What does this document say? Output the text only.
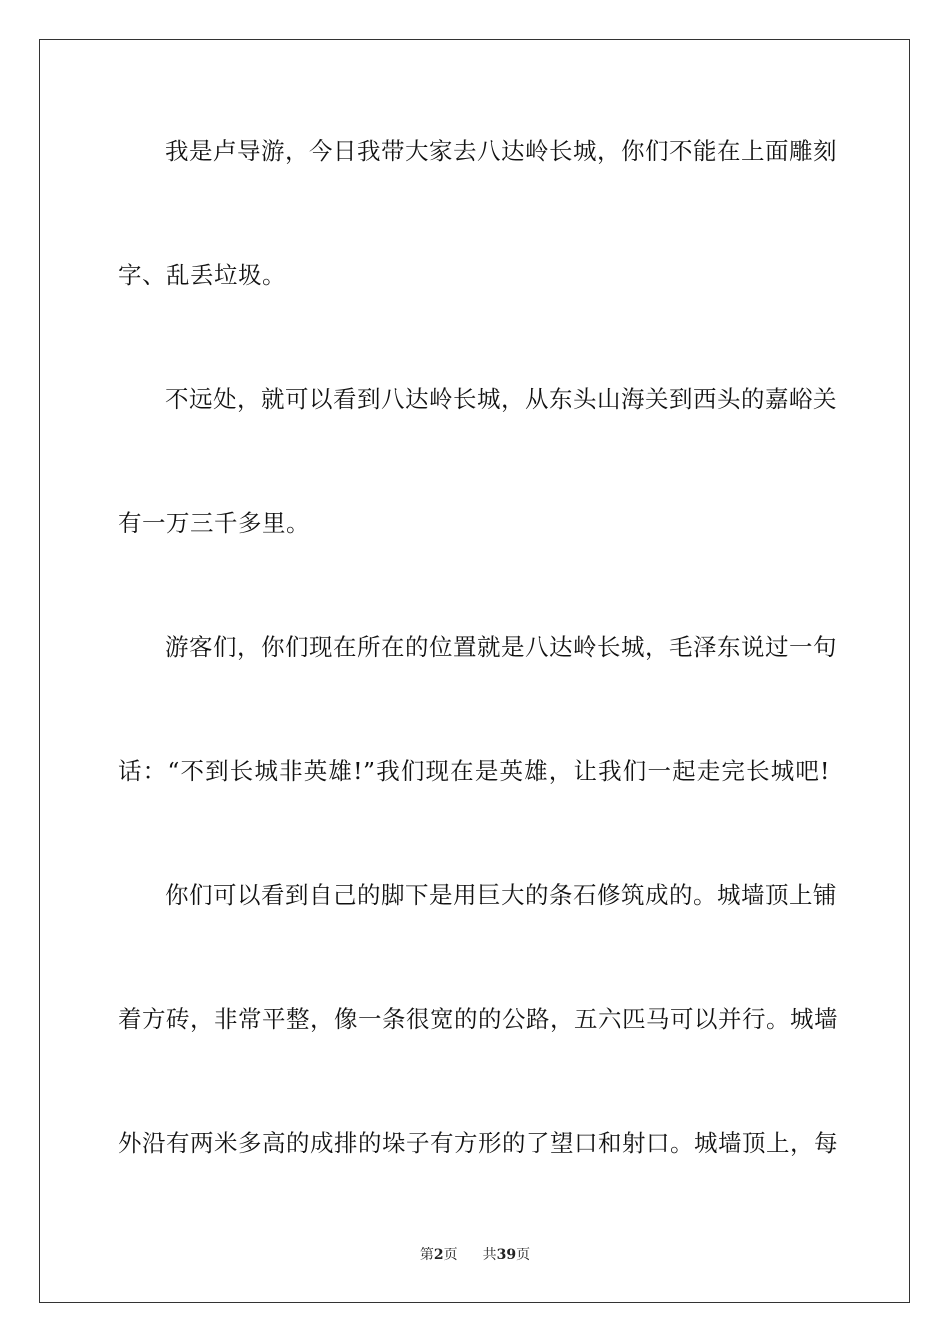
我是卢导游，今日我带大家去八达岭长城，你们不能在上面雕刻
字、乱丢垃圾。
不远处，就可以看到八达岭长城，从东头山海关到西头的嘉峪关
有一万三千多里。
游客们，你们现在所在的位置就是八达岭长城，毛泽东说过一句
话：“不到长城非英雄!”我们现在是英雄，让我们一起走完长城吧!
你们可以看到自己的脚下是用巨大的条石修筑成的。城墙顶上铺
着方砖，非常平整，像一条很宽的的公路，五六匹马可以并行。城墙
外沿有两米多高的成排的垛子有方形的了望口和射口。城墙顶上，每
第2页 共39页
